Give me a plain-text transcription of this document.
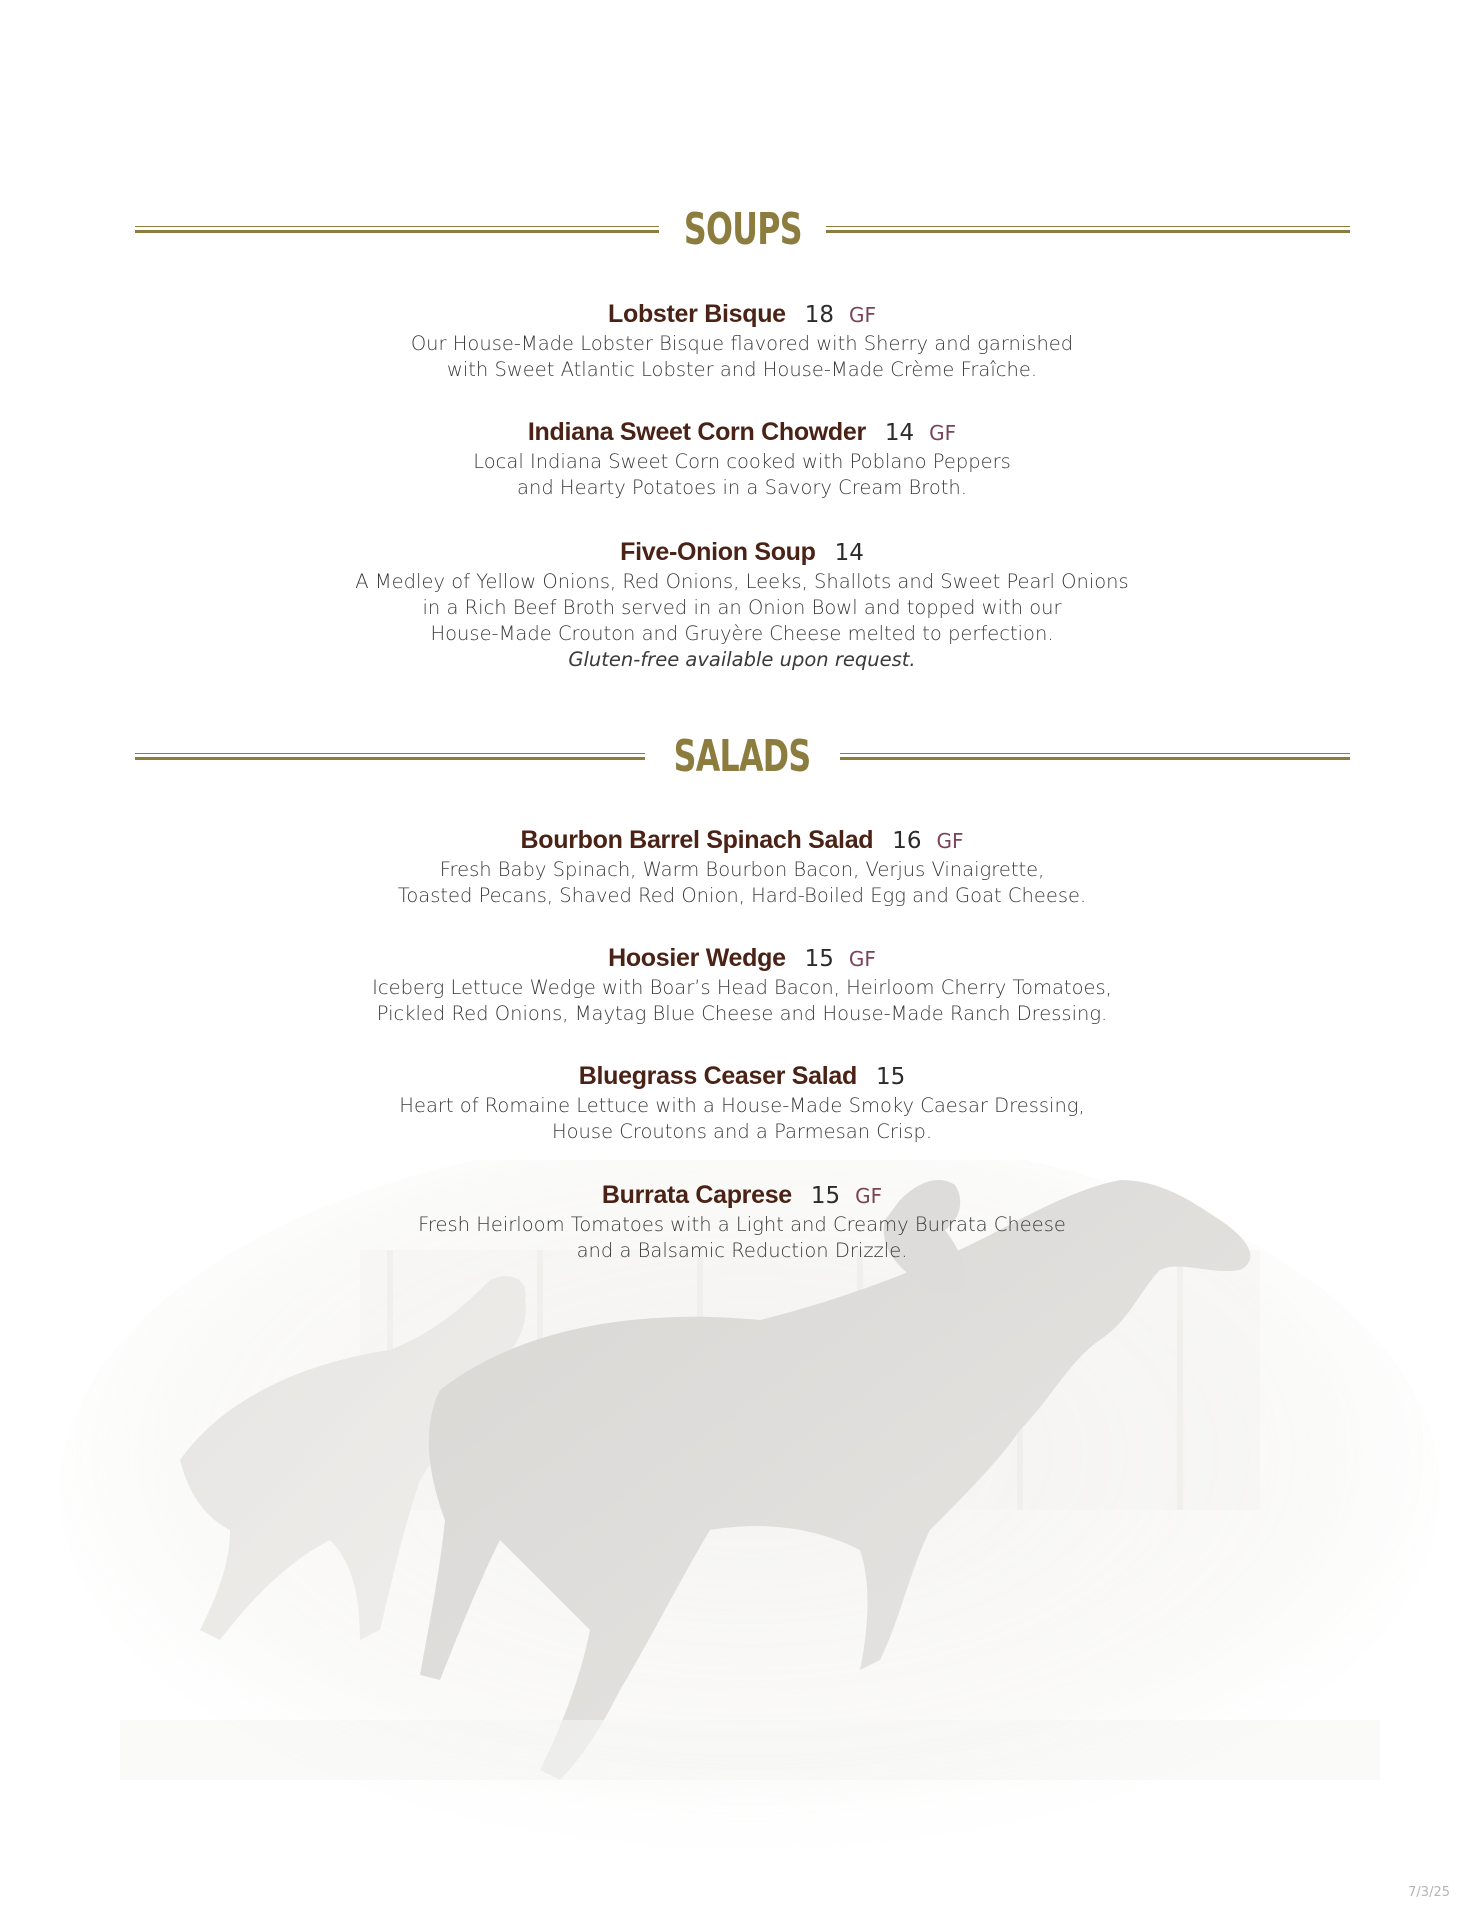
SOUPS
Lobster Bisque 18 GF
Our House-Made Lobster Bisque flavored with Sherry and garnished
with Sweet Atlantic Lobster and House-Made Crème Fraîche.
Indiana Sweet Corn Chowder 14 GF
Local Indiana Sweet Corn cooked with Poblano Peppers
and Hearty Potatoes in a Savory Cream Broth.
Five-Onion Soup 14
A Medley of Yellow Onions, Red Onions, Leeks, Shallots and Sweet Pearl Onions
in a Rich Beef Broth served in an Onion Bowl and topped with our
House-Made Crouton and Gruyère Cheese melted to perfection.
Gluten-free available upon request.
SALADS
Bourbon Barrel Spinach Salad 16 GF
Fresh Baby Spinach, Warm Bourbon Bacon, Verjus Vinaigrette,
Toasted Pecans, Shaved Red Onion, Hard-Boiled Egg and Goat Cheese.
Hoosier Wedge 15 GF
Iceberg Lettuce Wedge with Boar’s Head Bacon, Heirloom Cherry Tomatoes,
Pickled Red Onions, Maytag Blue Cheese and House-Made Ranch Dressing.
Bluegrass Ceaser Salad 15
Heart of Romaine Lettuce with a House-Made Smoky Caesar Dressing,
House Croutons and a Parmesan Crisp.
Burrata Caprese 15 GF
Fresh Heirloom Tomatoes with a Light and Creamy Burrata Cheese
and a Balsamic Reduction Drizzle.
7/3/25
